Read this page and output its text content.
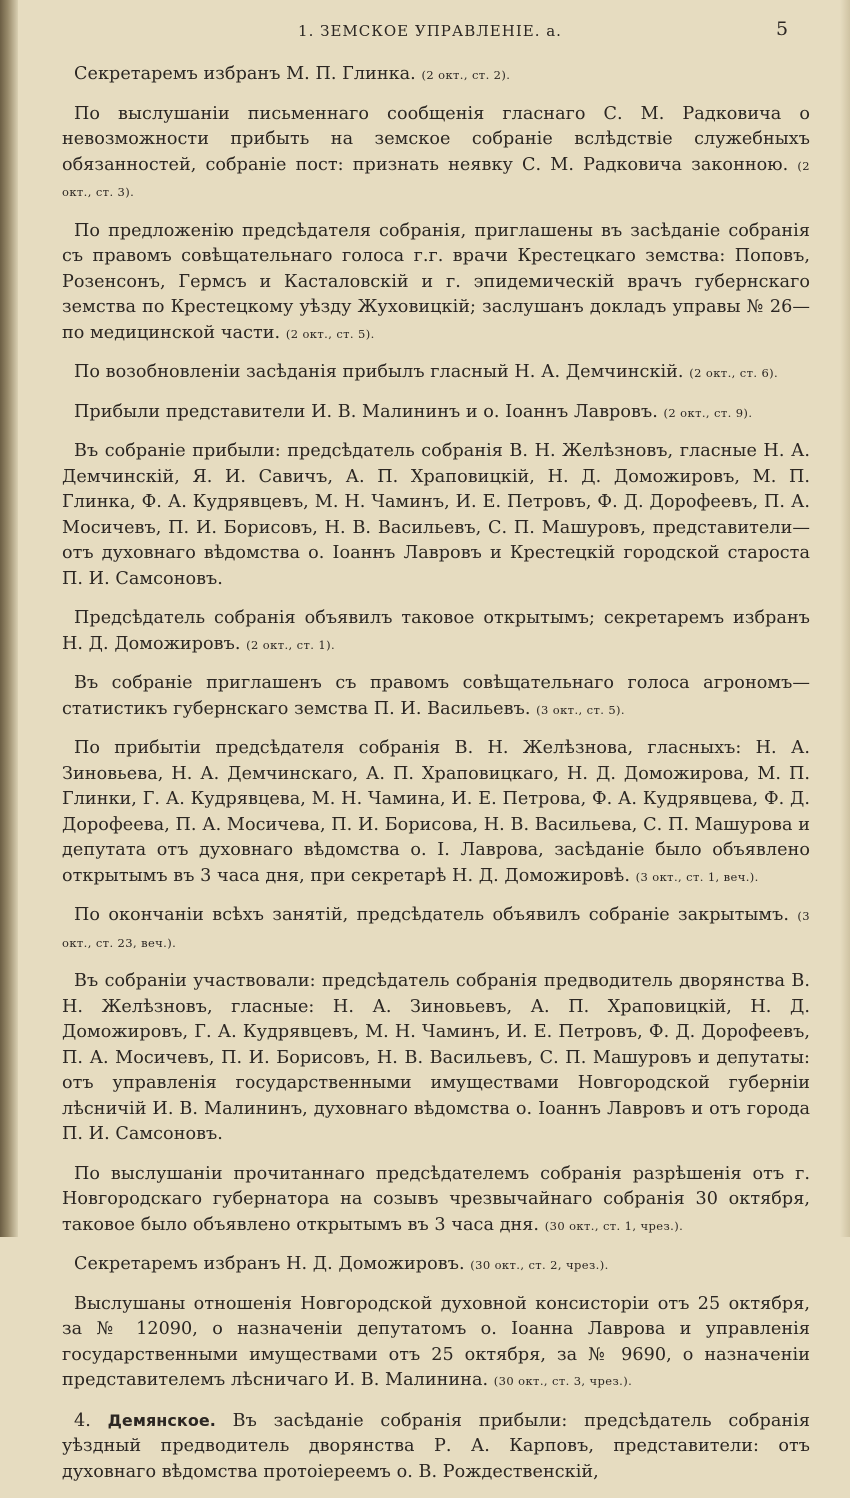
1. ЗЕМСКОЕ УПРАВЛЕНІЕ. а.	5

Секретаремъ избранъ М. П. Глинка. (2 окт., ст. 2).

По выслушаніи письменнаго сообщенія гласнаго С. М. Радковича о невозможности прибыть на земское собраніе вслѣдствіе служебныхъ обязанностей, собраніе пост: признать неявку С. М. Радковича законною. (2 окт., ст. 3).

По предложенію предсѣдателя собранія, приглашены въ засѣданіе собранія съ правомъ совѣщательнаго голоса г.г. врачи Крестецкаго земства: Поповъ, Розенсонъ, Гермсъ и Касталовскій и г. эпидемическій врачъ губернскаго земства по Крестецкому уѣзду Жуховицкій; заслушанъ докладъ управы № 26— по медицинской части. (2 окт., ст. 5).

По возобновленіи засѣданія прибылъ гласный Н. А. Демчинскій. (2 окт., ст. 6).

Прибыли представители И. В. Малининъ и о. Іоаннъ Лавровъ. (2 окт., ст. 9).

Въ собраніе прибыли: предсѣдатель собранія В. Н. Желѣзновъ, гласные Н. А. Демчинскій, Я. И. Савичъ, А. П. Храповицкій, Н. Д. Доможировъ, М. П. Глинка, Ф. А. Кудрявцевъ, М. Н. Чаминъ, И. Е. Петровъ, Ф. Д. Дорофеевъ, П. А. Мосичевъ, П. И. Борисовъ, Н. В. Васильевъ, С. П. Машуровъ, представители—отъ духовнаго вѣдомства о. Іоаннъ Лавровъ и Крестецкій городской староста П. И. Самсоновъ.

Предсѣдатель собранія объявилъ таковое открытымъ; секретаремъ избранъ Н. Д. Доможировъ. (2 окт., ст. 1).

Въ собраніе приглашенъ съ правомъ совѣщательнаго голоса агрономъ—статистикъ губернскаго земства П. И. Васильевъ. (3 окт., ст. 5).

По прибытіи предсѣдателя собранія В. Н. Желѣзнова, гласныхъ: Н. А. Зиновьева, Н. А. Демчинскаго, А. П. Храповицкаго, Н. Д. Доможирова, М. П. Глинки, Г. А. Кудрявцева, М. Н. Чамина, И. Е. Петрова, Ф. А. Кудрявцева, Ф. Д. Дорофеева, П. А. Мосичева, П. И. Борисова, Н. В. Васильева, С. П. Машурова и депутата отъ духовнаго вѣдомства о. І. Лаврова, засѣданіе было объявлено открытымъ въ 3 часа дня, при секретарѣ Н. Д. Доможировѣ. (3 окт., ст. 1, веч.).

По окончаніи всѣхъ занятій, предсѣдатель объявилъ собраніе закрытымъ. (3 окт., ст. 23, веч.).

Въ собраніи участвовали: предсѣдатель собранія предводитель дворянства В. Н. Желѣзновъ, гласные: Н. А. Зиновьевъ, А. П. Храповицкій, Н. Д. Доможировъ, Г. А. Кудрявцевъ, М. Н. Чаминъ, И. Е. Петровъ, Ф. Д. Дорофеевъ, П. А. Мосичевъ, П. И. Борисовъ, Н. В. Васильевъ, С. П. Машуровъ и депутаты: отъ управленія государственными имуществами Новгородской губерніи лѣсничій И. В. Малининъ, духовнаго вѣдомства о. Іоаннъ Лавровъ и отъ города П. И. Самсоновъ.

По выслушаніи прочитаннаго предсѣдателемъ собранія разрѣшенія отъ г. Новгородскаго губернатора на созывъ чрезвычайнаго собранія 30 октября, таковое было объявлено открытымъ въ 3 часа дня. (30 окт., ст. 1, чрез.).

Секретаремъ избранъ Н. Д. Доможировъ. (30 окт., ст. 2, чрез.).

Выслушаны отношенія Новгородской духовной консисторіи отъ 25 октября, за № 12090, о назначеніи депутатомъ о. Іоанна Лаврова и управленія государственными имуществами отъ 25 октября, за № 9690, о назначеніи представителемъ лѣсничаго И. В. Малинина. (30 окт., ст. 3, чрез.).

4. Демянское. Въ засѣданіе собранія прибыли: предсѣдатель собранія уѣздный предводитель дворянства Р. А. Карповъ, представители: отъ духовнаго вѣдомства протоіереемъ о. В. Рождественскій,
